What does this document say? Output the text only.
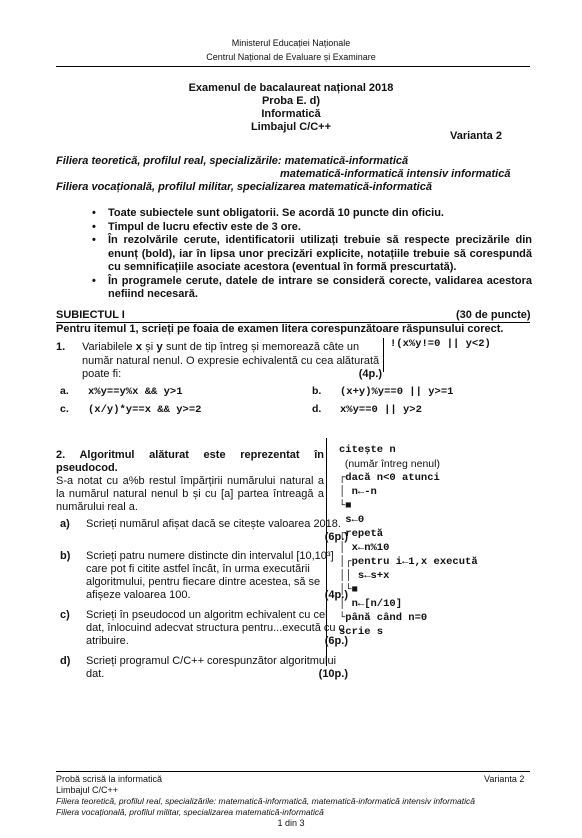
Ministerul Educației Naționale
Centrul Național de Evaluare și Examinare
Examenul de bacalaureat național 2018
Proba E. d)
Informatică
Limbajul C/C++
Varianta 2
Filiera teoretică, profilul real, specializările: matematică-informatică
matematică-informatică intensiv informatică
Filiera vocațională, profilul militar, specializarea matematică-informatică
• Toate subiectele sunt obligatorii. Se acordă 10 puncte din oficiu.
• Timpul de lucru efectiv este de 3 ore.
• În rezolvările cerute, identificatorii utilizați trebuie să respecte precizările din enunț (bold), iar în lipsa unor precizări explicite, notațiile trebuie să corespundă cu semnificațiile asociate acestora (eventual în formă prescurtată).
• În programele cerute, datele de intrare se consideră corecte, validarea acestora nefiind necesară.
SUBIECTUL I	(30 de puncte)
Pentru itemul 1, scrieți pe foaia de examen litera corespunzătoare răspunsului corect.
1. Variabilele x și y sunt de tip întreg și memorează câte un număr natural nenul. O expresie echivalentă cu cea alăturată poate fi:	(4p.)
!(x%y!=0 || y<2)
a. x%y==y%x && y>1	b. (x+y)%y==0 || y>=1
c. (x/y)*y==x && y>=2	d. x%y==0 || y>2
2. Algoritmul alăturat este reprezentat în pseudocod.
S-a notat cu a%b restul împărțirii numărului natural a la numărul natural nenul b și cu [a] partea întreagă a numărului real a.
a) Scrieți numărul afișat dacă se citește valoarea 2018.
(6p.)
b) Scrieți patru numere distincte din intervalul [10,10³] care pot fi citite astfel încât, în urma executării algoritmului, pentru fiecare dintre acestea, să se afișeze valoarea 100.	(4p.)
c) Scrieți în pseudocod un algoritm echivalent cu cel dat, înlocuind adecvat structura pentru...execută cu o atribuire.	(6p.)
d) Scrieți programul C/C++ corespunzător algoritmului dat.	(10p.)
citește n
(număr întreg nenul)
┌dacă n<0 atunci
│ n←-n
└■
s←0
┌repetă
│ x←n%10
│┌pentru i←1,x execută
││ s←s+x
│└■
│ n←[n/10]
└până când n=0
scrie s
Probă scrisă la informatică	Varianta 2
Limbajul C/C++
Filiera teoretică, profilul real, specializările: matematică-informatică, matematică-informatică intensiv informatică
Filiera vocațională, profilul militar, specializarea matematică-informatică
1 din 3
